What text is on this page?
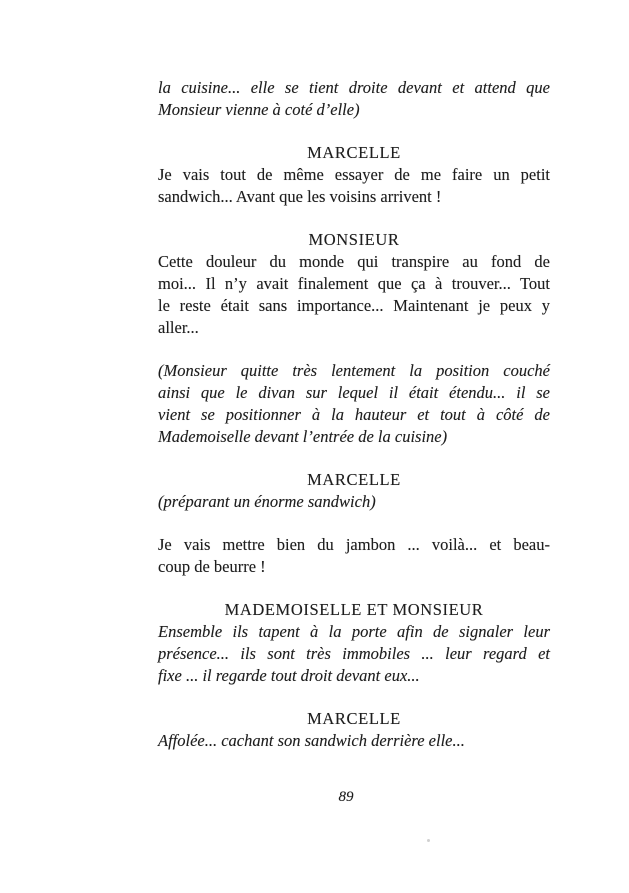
la cuisine... elle se tient droite devant et attend que
Monsieur vienne à coté d’elle)
MARCELLE
Je vais tout de même essayer de me faire un petit
sandwich... Avant que les voisins arrivent !
MONSIEUR
Cette douleur du monde qui transpire au fond de
moi... Il n’y avait finalement que ça à trouver... Tout
le reste était sans importance... Maintenant je peux y
aller...
(Monsieur quitte très lentement la position couché
ainsi que le divan sur lequel il était étendu... il se
vient se positionner à la hauteur et tout à côté de
Mademoiselle devant l’entrée de la cuisine)
MARCELLE
(préparant un énorme sandwich)
Je vais mettre bien du jambon ... voilà... et beau-
coup de beurre !
MADEMOISELLE ET MONSIEUR
Ensemble ils tapent à la porte afin de signaler leur
présence... ils sont très immobiles ... leur regard et
fixe ... il regarde tout droit devant eux...
MARCELLE
Affolée... cachant son sandwich derrière elle...
89
